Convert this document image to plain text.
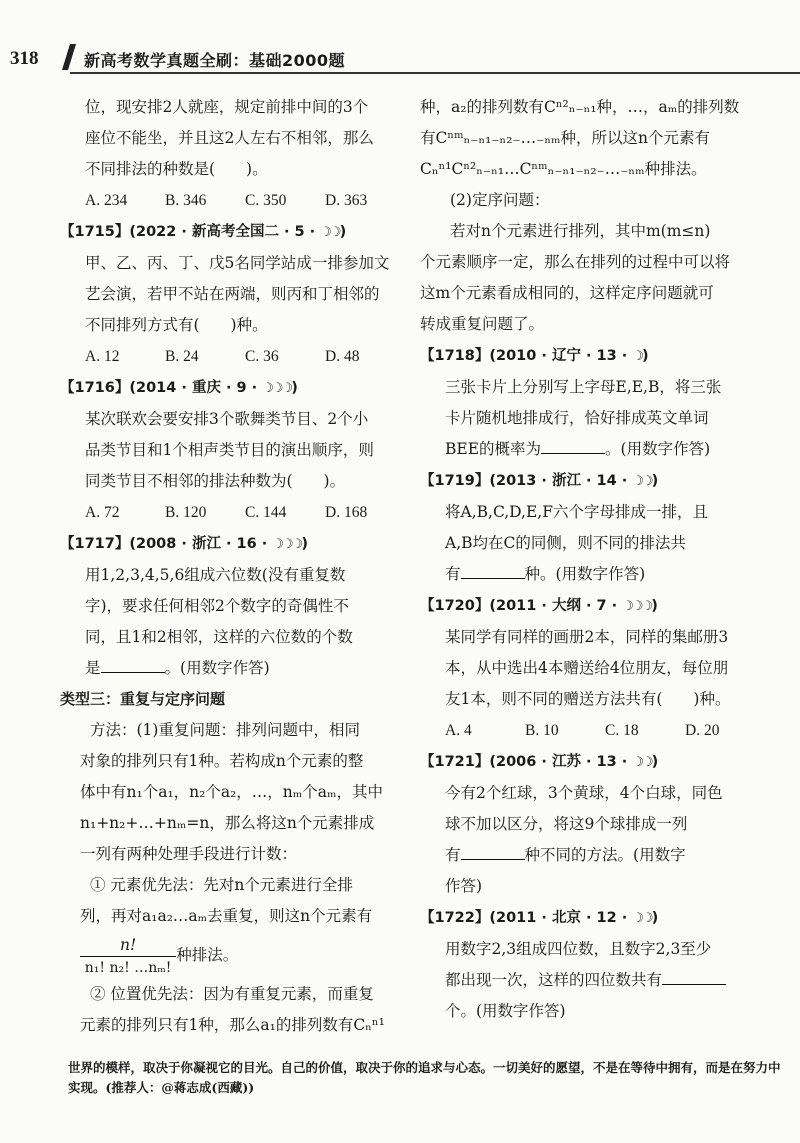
318	新高考数学真题全刷：基础2000题

位，现安排2人就座，规定前排中间的3个

座位不能坐，并且这2人左右不相邻，那么

不同排法的种数是(　　)。

A. 234	B. 346	C. 350	D. 363

【1715】(2022 · 新高考全国二 · 5 · ☽☽)

甲、乙、丙、丁、戊5名同学站成一排参加文

艺会演，若甲不站在两端，则丙和丁相邻的

不同排列方式有(　　)种。

A. 12	B. 24	C. 36	D. 48

【1716】(2014 · 重庆 · 9 · ☽☽☽)

某次联欢会要安排3个歌舞类节目、2个小

品类节目和1个相声类节目的演出顺序，则

同类节目不相邻的排法种数为(　　)。

A. 72	B. 120	C. 144	D. 168

【1717】(2008 · 浙江 · 16 · ☽☽☽)

用1,2,3,4,5,6组成六位数(没有重复数

字)，要求任何相邻2个数字的奇偶性不

同，且1和2相邻，这样的六位数的个数

是	。(用数字作答)

类型三：重复与定序问题

方法：(1)重复问题：排列问题中，相同

对象的排列只有1种。若构成n个元素的整

体中有n₁个a₁，n₂个a₂，…，nₘ个aₘ，其中

n₁+n₂+…+nₘ=n，那么将这n个元素排成

一列有两种处理手段进行计数：

① 元素优先法：先对n个元素进行全排

列，再对a₁a₂…aₘ去重复，则这n个元素有

$\frac{n!}{\text{n₁! n₂! …nₘ!}}$ 种排法。

② 位置优先法：因为有重复元素，而重复

元素的排列只有1种，那么a₁的排列数有Cₙⁿ¹

种，a₂的排列数有Cⁿ²ₙ₋ₙ₁种，…，aₘ的排列数

有Cⁿᵐₙ₋ₙ₁₋ₙ₂₋…₋ₙₘ种，所以这n个元素有

Cₙⁿ¹Cⁿ²ₙ₋ₙ₁…Cⁿᵐₙ₋ₙ₁₋ₙ₂₋…₋ₙₘ种排法。

(2)定序问题：

若对n个元素进行排列，其中m(m≤n)

个元素顺序一定，那么在排列的过程中可以将

这m个元素看成相同的，这样定序问题就可

转成重复问题了。

【1718】(2010 · 辽宁 · 13 · ☽)

三张卡片上分别写上字母E,E,B，将三张

卡片随机地排成行，恰好排成英文单词

BEE的概率为	。(用数字作答)

【1719】(2013 · 浙江 · 14 · ☽☽)

将A,B,C,D,E,F六个字母排成一排，且

A,B均在C的同侧，则不同的排法共

有	种。(用数字作答)

【1720】(2011 · 大纲 · 7 · ☽☽☽)

某同学有同样的画册2本，同样的集邮册3

本，从中选出4本赠送给4位朋友，每位朋

友1本，则不同的赠送方法共有(　　)种。

A. 4	B. 10	C. 18	D. 20

【1721】(2006 · 江苏 · 13 · ☽☽)

今有2个红球，3个黄球，4个白球，同色

球不加以区分，将这9个球排成一列

有	种不同的方法。(用数字

作答)

【1722】(2011 · 北京 · 12 · ☽☽)

用数字2,3组成四位数，且数字2,3至少

都出现一次，这样的四位数共有

个。(用数字作答)

世界的模样，取决于你凝视它的目光。自己的价值，取决于你的追求与心态。一切美好的愿望，不是在等待中拥有，而是在努力中实现。(推荐人：@蒋志成(西藏))
